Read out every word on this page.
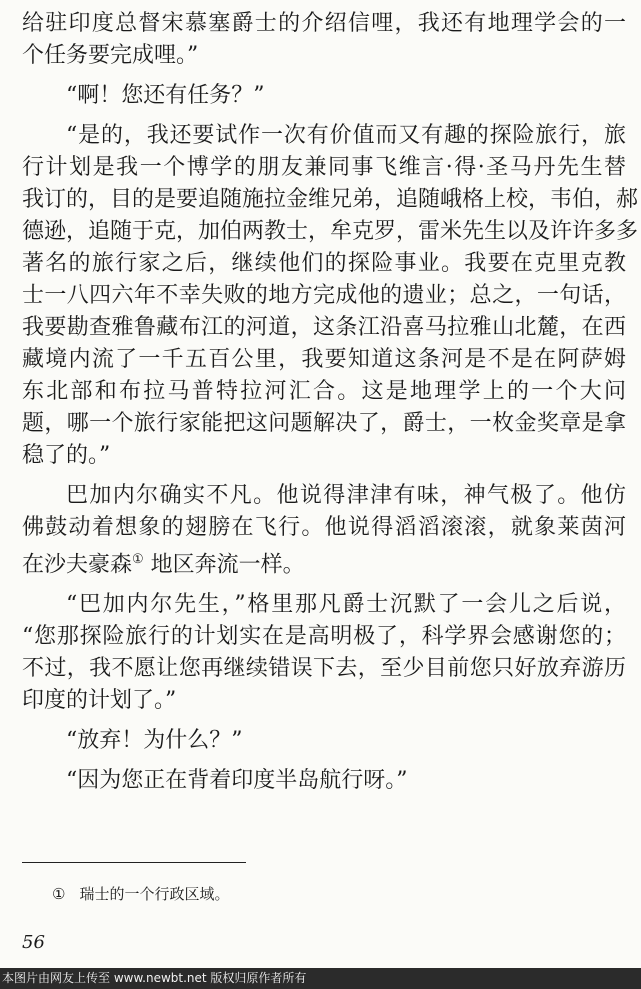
给驻印度总督宋慕塞爵士的介绍信哩，我还有地理学会的一
个任务要完成哩。”
“啊！您还有任务？”
“是的，我还要试作一次有价值而又有趣的探险旅行，旅
行计划是我一个博学的朋友兼同事飞维言·得·圣马丹先生替
我订的，目的是要追随施拉金维兄弟，追随峨格上校，韦伯，郝
德逊，追随于克，加伯两教士，牟克罗，雷米先生以及许许多多
著名的旅行家之后，继续他们的探险事业。我要在克里克教
士一八四六年不幸失败的地方完成他的遗业；总之，一句话，
我要勘查雅鲁藏布江的河道，这条江沿喜马拉雅山北麓，在西
藏境内流了一千五百公里，我要知道这条河是不是在阿萨姆
东北部和布拉马普特拉河汇合。这是地理学上的一个大问
题，哪一个旅行家能把这问题解决了，爵士，一枚金奖章是拿
稳了的。”
巴加内尔确实不凡。他说得津津有味，神气极了。他仿
佛鼓动着想象的翅膀在飞行。他说得滔滔滚滚，就象莱茵河
在沙夫豪森① 地区奔流一样。
“巴加内尔先生，”格里那凡爵士沉默了一会儿之后说，
“您那探险旅行的计划实在是高明极了，科学界会感谢您的；
不过，我不愿让您再继续错误下去，至少目前您只好放弃游历
印度的计划了。”
“放弃！为什么？”
“因为您正在背着印度半岛航行呀。”
① 瑞士的一个行政区域。
56
本图片由网友上传至 www.newbt.net 版权归原作者所有
